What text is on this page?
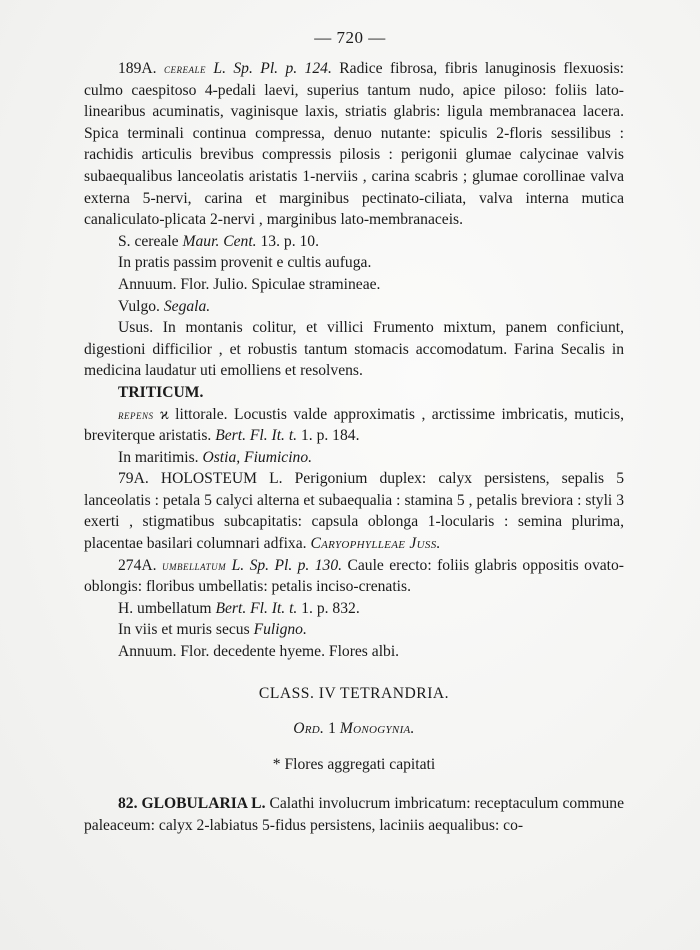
— 720 —

189A. cereale L. Sp. Pl. p. 124. Radice fibrosa, fibris lanuginosis flexuosis: culmo caespitoso 4-pedali laevi, superius tantum nudo, apice piloso: foliis lato-linearibus acuminatis, vaginisque laxis, striatis glabris: ligula membranacea lacera. Spica terminali continua compressa, denuo nutante: spiculis 2-floris sessilibus : rachidis articulis brevibus compressis pilosis : perigonii glumae calycinae valvis subaequalibus lanceolatis aristatis 1-nerviis , carina scabris ; glumae corollinae valva externa 5-nervi, carina et marginibus pectinato-ciliata, valva interna mutica canaliculato-plicata 2-nervi , marginibus lato-membranaceis.

S. cereale Maur. Cent. 13. p. 10.

In pratis passim provenit e cultis aufuga.

Annuum. Flor. Julio. Spiculae stramineae.

Vulgo. Segala.

Usus. In montanis colitur, et villici Frumento mixtum, panem conficiunt, digestioni difficilior , et robustis tantum stomacis accomodatum. Farina Secalis in medicina laudatur uti emolliens et resolvens.

TRITICUM.

repens ϰ littorale. Locustis valde approximatis , arctissime imbricatis, muticis, breviterque aristatis. Bert. Fl. It. t. 1. p. 184.

In maritimis. Ostia, Fiumicino.

79A. HOLOSTEUM L. Perigonium duplex: calyx persistens, sepalis 5 lanceolatis : petala 5 calyci alterna et subaequalia : stamina 5 , petalis breviora : styli 3 exerti , stigmatibus subcapitatis: capsula oblonga 1-locularis : semina plurima, placentae basilari columnari adfixa. Caryophylleae Juss.

274A. umbellatum L. Sp. Pl. p. 130. Caule erecto: foliis glabris oppositis ovato-oblongis: floribus umbellatis: petalis inciso-crenatis.

H. umbellatum Bert. Fl. It. t. 1. p. 832.

In viis et muris secus Fuligno.

Annuum. Flor. decedente hyeme. Flores albi.

CLASS. IV TETRANDRIA.

Ord. 1 Monogynia.

* Flores aggregati capitati

82. GLOBULARIA L. Calathi involucrum imbricatum: receptaculum commune paleaceum: calyx 2-labiatus 5-fidus persistens, laciniis aequalibus: co-
